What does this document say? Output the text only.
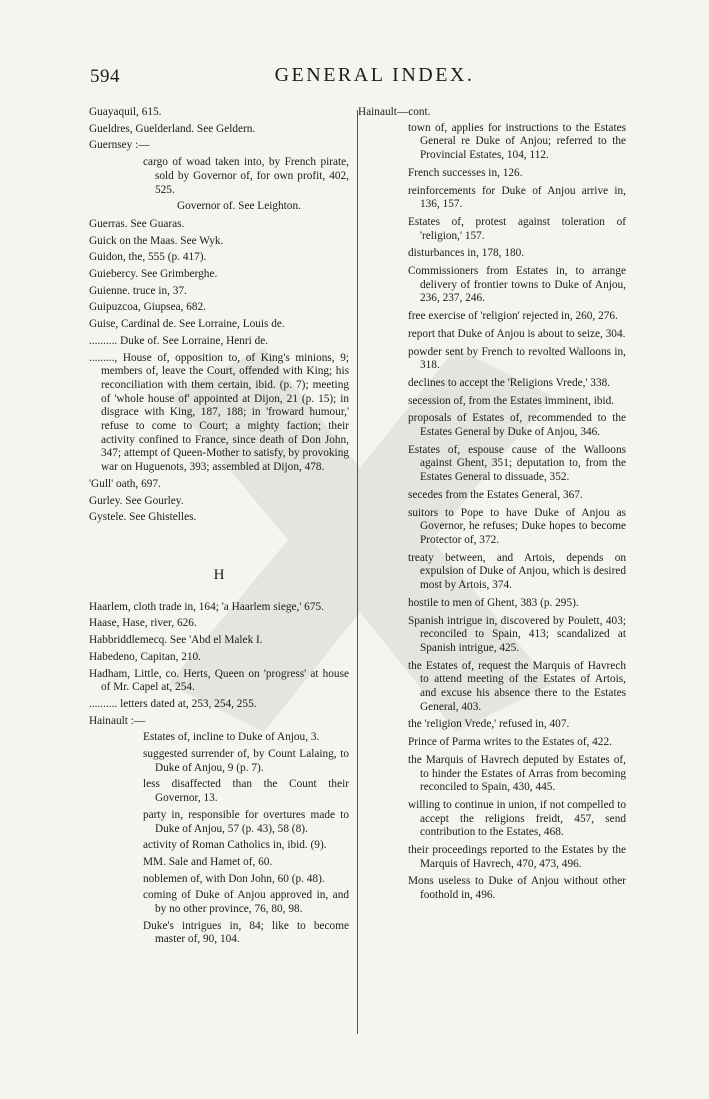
594	GENERAL INDEX.
Guayaquil, 615.
Gueldres, Guelderland. See Geldern.
Guernsey :—
cargo of woad taken into, by French pirate, sold by Governor of, for own profit, 402, 525.
Governor of. See Leighton.
Guerras. See Guaras.
Guick on the Maas. See Wyk.
Guidon, the, 555 (p. 417).
Guiebercy. See Grimberghe.
Guienne. truce in, 37.
Guipuzcoa, Giupsea, 682.
Guise, Cardinal de. See Lorraine, Louis de.
.......... Duke of. See Lorraine, Henri de.
........., House of, opposition to, of King's minions, 9; members of, leave the Court, offended with King; his reconciliation with them certain, ibid. (p. 7); meeting of 'whole house of' appointed at Dijon, 21 (p. 15); in disgrace with King, 187, 188; in 'froward humour,' refuse to come to Court; a mighty faction; their activity confined to France, since death of Don John, 347; attempt of Queen-Mother to satisfy, by provoking war on Huguenots, 393; assembled at Dijon, 478.
'Gull' oath, 697.
Gurley. See Gourley.
Gystele. See Ghistelles.
H
Haarlem, cloth trade in, 164; 'a Haarlem siege,' 675.
Haase, Hase, river, 626.
Habbriddlemecq. See 'Abd el Malek I.
Habedeno, Capitan, 210.
Hadham, Little, co. Herts, Queen on 'progress' at house of Mr. Capel at, 254.
.......... letters dated at, 253, 254, 255.
Hainault :—
Estates of, incline to Duke of Anjou, 3.
suggested surrender of, by Count Lalaing, to Duke of Anjou, 9 (p. 7).
less disaffected than the Count their Governor, 13.
party in, responsible for overtures made to Duke of Anjou, 57 (p. 43), 58 (8).
activity of Roman Catholics in, ibid. (9).
MM. Sale and Hamet of, 60.
noblemen of, with Don John, 60 (p. 48).
coming of Duke of Anjou approved in, and by no other province, 76, 80, 98.
Duke's intrigues in, 84; like to become master of, 90, 104.
Hainault—cont.
town of, applies for instructions to the Estates General re Duke of Anjou; referred to the Provincial Estates, 104, 112.
French successes in, 126.
reinforcements for Duke of Anjou arrive in, 136, 157.
Estates of, protest against toleration of 'religion,' 157.
disturbances in, 178, 180.
Commissioners from Estates in, to arrange delivery of frontier towns to Duke of Anjou, 236, 237, 246.
free exercise of 'religion' rejected in, 260, 276.
report that Duke of Anjou is about to seize, 304.
powder sent by French to revolted Walloons in, 318.
declines to accept the 'Religions Vrede,' 338.
secession of, from the Estates imminent, ibid.
proposals of Estates of, recommended to the Estates General by Duke of Anjou, 346.
Estates of, espouse cause of the Walloons against Ghent, 351; deputation to, from the Estates General to dissuade, 352.
secedes from the Estates General, 367.
suitors to Pope to have Duke of Anjou as Governor, he refuses; Duke hopes to become Protector of, 372.
treaty between, and Artois, depends on expulsion of Duke of Anjou, which is desired most by Artois, 374.
hostile to men of Ghent, 383 (p. 295).
Spanish intrigue in, discovered by Poulett, 403; reconciled to Spain, 413; scandalized at Spanish intrigue, 425.
the Estates of, request the Marquis of Havrech to attend meeting of the Estates of Artois, and excuse his absence there to the Estates General, 403.
the 'religion Vrede,' refused in, 407.
Prince of Parma writes to the Estates of, 422.
the Marquis of Havrech deputed by Estates of, to hinder the Estates of Arras from becoming reconciled to Spain, 430, 445.
willing to continue in union, if not compelled to accept the religions freidt, 457, send contribution to the Estates, 468.
their proceedings reported to the Estates by the Marquis of Havrech, 470, 473, 496.
Mons useless to Duke of Anjou without other foothold in, 496.
